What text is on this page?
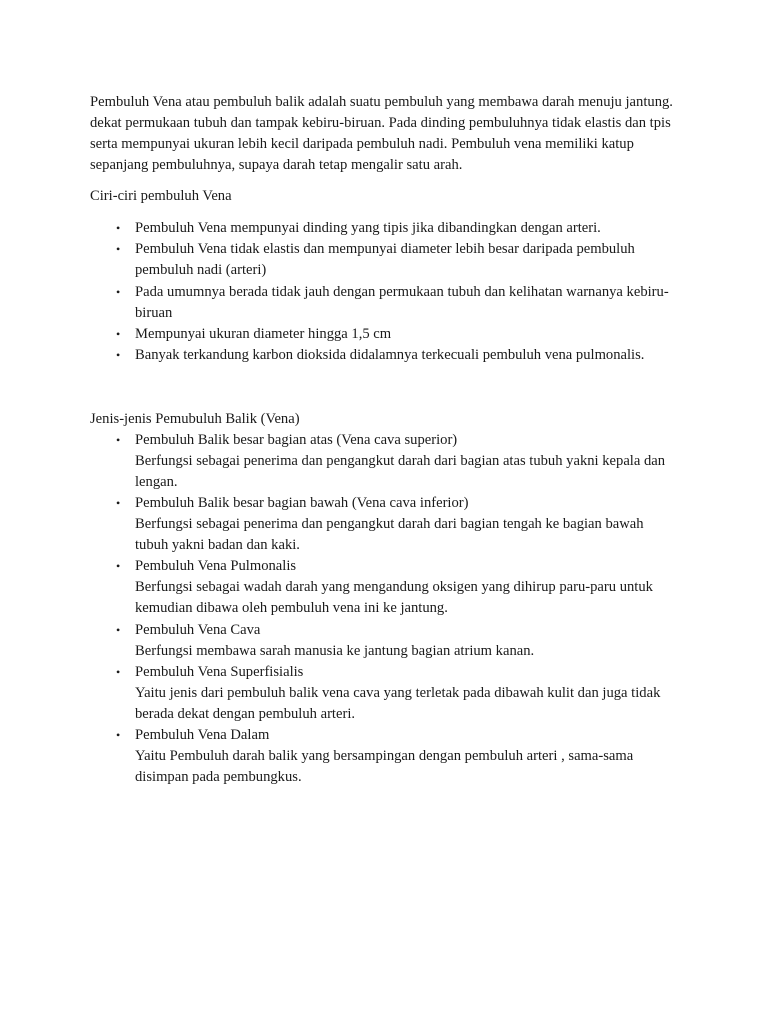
Pembuluh Vena atau pembuluh balik adalah suatu pembuluh yang membawa darah menuju jantung. dekat permukaan tubuh dan tampak kebiru-biruan. Pada dinding pembuluhnya tidak elastis dan tpis serta mempunyai ukuran lebih kecil daripada pembuluh nadi. Pembuluh vena memiliki katup sepanjang pembuluhnya, supaya darah tetap mengalir satu arah.

Ciri-ciri pembuluh Vena

• Pembuluh Vena mempunyai dinding yang tipis jika dibandingkan dengan arteri.
• Pembuluh Vena tidak elastis dan mempunyai diameter lebih besar daripada pembuluh pembuluh nadi (arteri)
• Pada umumnya berada tidak jauh dengan permukaan tubuh dan kelihatan warnanya kebiru-biruan
• Mempunyai ukuran diameter hingga 1,5 cm
• Banyak terkandung karbon dioksida didalamnya terkecuali pembuluh vena pulmonalis.

Jenis-jenis Pemubuluh Balik (Vena)

• Pembuluh Balik besar bagian atas (Vena cava superior)
Berfungsi sebagai penerima dan pengangkut darah dari bagian atas tubuh yakni kepala dan lengan.
• Pembuluh Balik besar bagian bawah (Vena cava inferior)
Berfungsi sebagai penerima dan pengangkut darah dari bagian tengah ke bagian bawah tubuh yakni badan dan kaki.
• Pembuluh Vena Pulmonalis
Berfungsi sebagai wadah darah yang mengandung oksigen yang dihirup paru-paru untuk kemudian dibawa oleh pembuluh vena ini ke jantung.
• Pembuluh Vena Cava
Berfungsi membawa sarah manusia ke jantung bagian atrium kanan.
• Pembuluh Vena Superfisialis
Yaitu jenis dari pembuluh balik vena cava yang terletak pada dibawah kulit dan juga tidak berada dekat dengan pembuluh arteri.
• Pembuluh Vena Dalam
Yaitu Pembuluh darah balik yang bersampingan dengan pembuluh arteri , sama-sama disimpan pada pembungkus.
